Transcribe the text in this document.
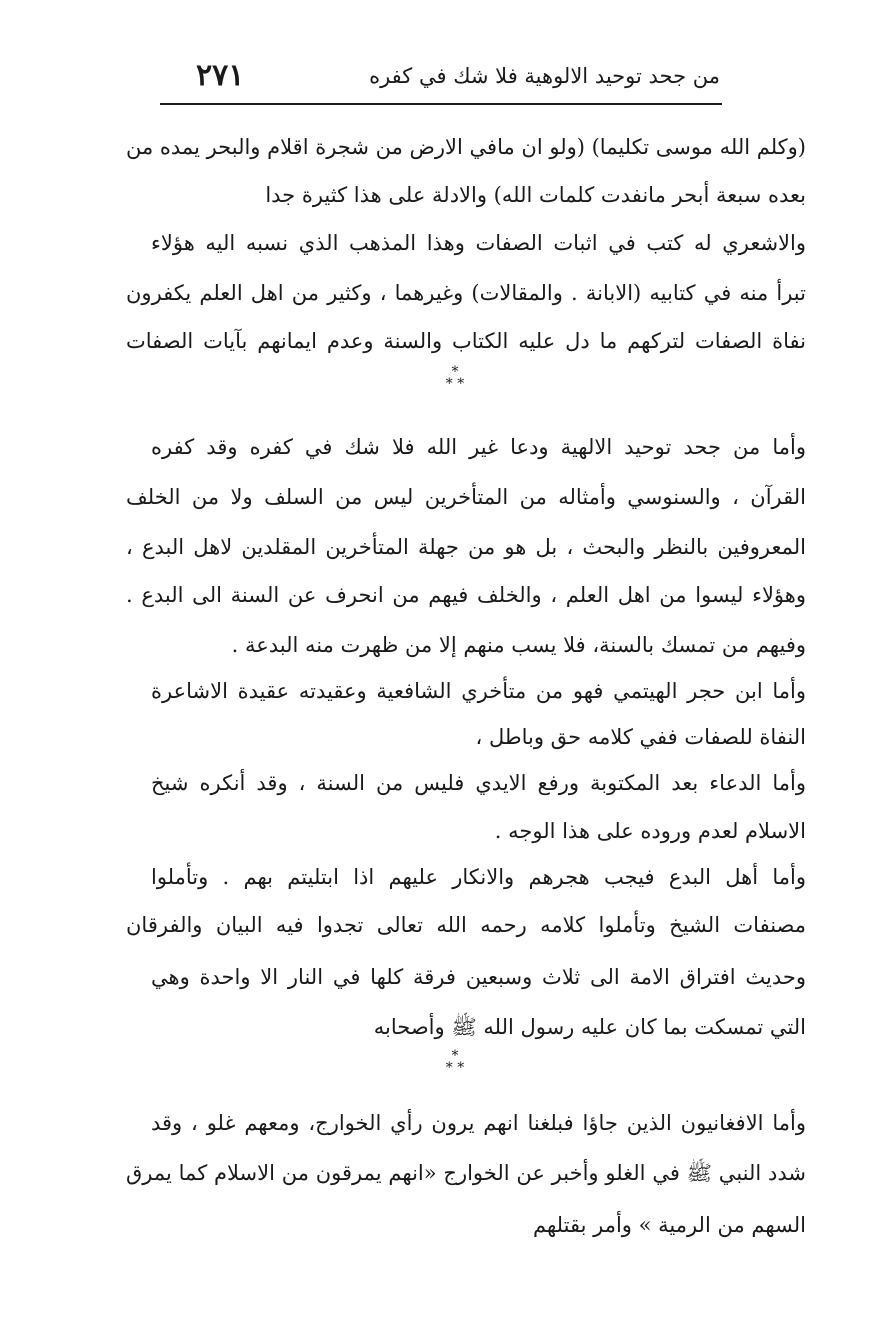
من جحد توحيد الالوهية فلا شك في كفره
٢٧١
(وكلم الله موسى تكليما) (ولو ان مافي الارض من شجرة اقلام والبحر يمده من
بعده سبعة أبحر مانفدت كلمات الله) والادلة على هذا كثيرة جدا
والاشعري له كتب في اثبات الصفات وهذا المذهب الذي نسبه اليه هؤلاء
تبرأ منه في كتابيه (الابانة . والمقالات) وغيرهما ، وكثير من اهل العلم يكفرون
نفاة الصفات لتركهم ما دل عليه الكتاب والسنة وعدم ايمانهم بآيات الصفات
*
* *
وأما من جحد توحيد الالهية ودعا غير الله فلا شك في كفره وقد كفره
القرآن ، والسنوسي وأمثاله من المتأخرين ليس من السلف ولا من الخلف
المعروفين بالنظر والبحث ، بل هو من جهلة المتأخرين المقلدين لاهل البدع ،
وهؤلاء ليسوا من اهل العلم ، والخلف فيهم من انحرف عن السنة الى البدع .
وفيهم من تمسك بالسنة، فلا يسب منهم إلا من ظهرت منه البدعة .
وأما ابن حجر الهيتمي فهو من متأخري الشافعية وعقيدته عقيدة الاشاعرة
النفاة للصفات ففي كلامه حق وباطل ،
وأما الدعاء بعد المكتوبة ورفع الايدي فليس من السنة ، وقد أنكره شيخ
الاسلام لعدم وروده على هذا الوجه .
وأما أهل البدع فيجب هجرهم والانكار عليهم اذا ابتليتم بهم . وتأملوا
مصنفات الشيخ وتأملوا كلامه رحمه الله تعالى تجدوا فيه البيان والفرقان
وحديث افتراق الامة الى ثلاث وسبعين فرقة كلها في النار الا واحدة وهي
التي تمسكت بما كان عليه رسول الله ﷺ وأصحابه
*
* *
وأما الافغانيون الذين جاؤا فبلغنا انهم يرون رأي الخوارج، ومعهم غلو ، وقد
شدد النبي ﷺ في الغلو وأخبر عن الخوارج «انهم يمرقون من الاسلام كما يمرق
السهم من الرمية » وأمر بقتلهم
